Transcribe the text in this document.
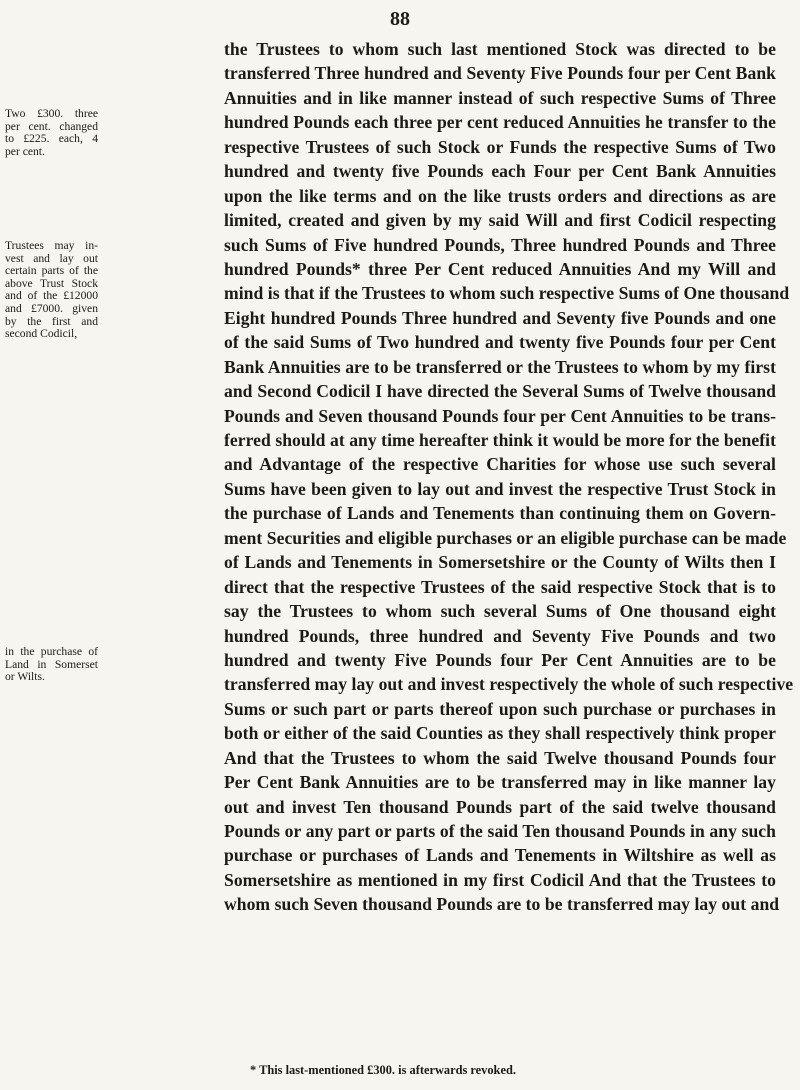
88
the Trustees to whom such last mentioned Stock was directed to be
transferred Three hundred and Seventy Five Pounds four per Cent Bank
Annuities and in like manner instead of such respective Sums of Three
hundred Pounds each three per cent reduced Annuities he transfer to the
respective Trustees of such Stock or Funds the respective Sums of Two
hundred and twenty five Pounds each Four per Cent Bank Annuities
upon the like terms and on the like trusts orders and directions as are
limited, created and given by my said Will and first Codicil respecting
such Sums of Five hundred Pounds, Three hundred Pounds and Three
hundred Pounds* three Per Cent reduced Annuities And my Will and
mind is that if the Trustees to whom such respective Sums of One thousand
Eight hundred Pounds Three hundred and Seventy five Pounds and one
of the said Sums of Two hundred and twenty five Pounds four per Cent
Bank Annuities are to be transferred or the Trustees to whom by my first
and Second Codicil I have directed the Several Sums of Twelve thousand
Pounds and Seven thousand Pounds four per Cent Annuities to be trans-
ferred should at any time hereafter think it would be more for the benefit
and Advantage of the respective Charities for whose use such several
Sums have been given to lay out and invest the respective Trust Stock in
the purchase of Lands and Tenements than continuing them on Govern-
ment Securities and eligible purchases or an eligible purchase can be made
of Lands and Tenements in Somersetshire or the County of Wilts then I
direct that the respective Trustees of the said respective Stock that is to
say the Trustees to whom such several Sums of One thousand eight
hundred Pounds, three hundred and Seventy Five Pounds and two
hundred and twenty Five Pounds four Per Cent Annuities are to be
transferred may lay out and invest respectively the whole of such respective
Sums or such part or parts thereof upon such purchase or purchases in
both or either of the said Counties as they shall respectively think proper
And that the Trustees to whom the said Twelve thousand Pounds four
Per Cent Bank Annuities are to be transferred may in like manner lay
out and invest Ten thousand Pounds part of the said twelve thousand
Pounds or any part or parts of the said Ten thousand Pounds in any such
purchase or purchases of Lands and Tenements in Wiltshire as well as
Somersetshire as mentioned in my first Codicil And that the Trustees to
whom such Seven thousand Pounds are to be transferred may lay out and
Two £300. three
per cent. changed
to £225. each, 4
per cent.
Trustees may in-
vest and lay out
certain parts of the
above Trust Stock
and of the £12000
and £7000. given
by the first and
second Codicil,
in the purchase of
Land in Somerset
or Wilts.
* This last-mentioned £300. is afterwards revoked.
